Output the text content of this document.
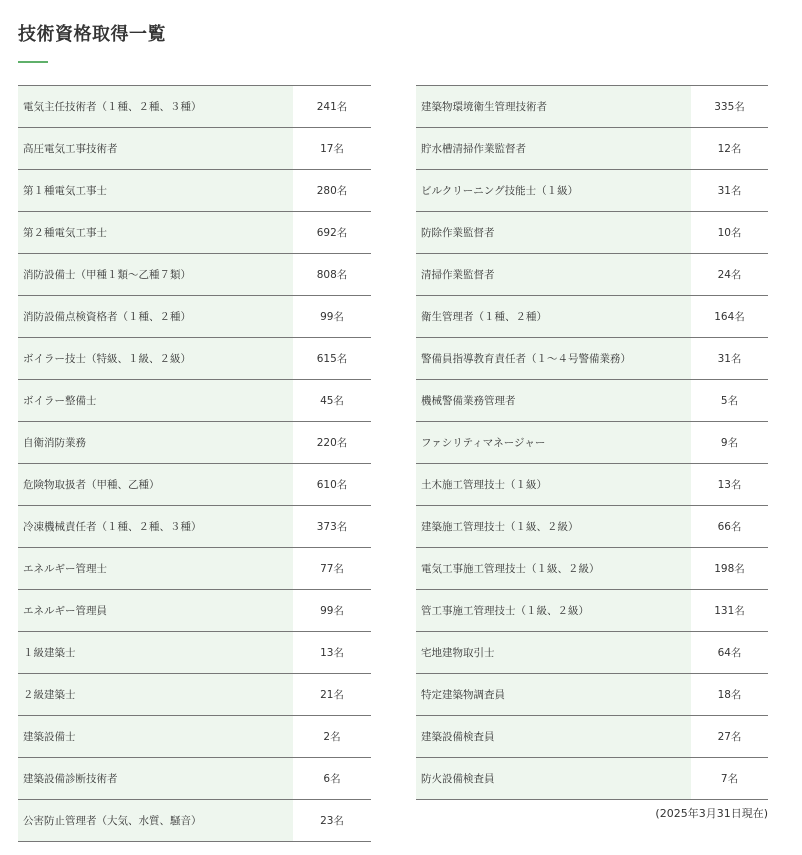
技術資格取得一覧
電気主任技術者（１種、２種、３種）	241名
高圧電気工事技術者	17名
第１種電気工事士	280名
第２種電気工事士	692名
消防設備士（甲種１類〜乙種７類）	808名
消防設備点検資格者（１種、２種）	99名
ボイラー技士（特級、１級、２級）	615名
ボイラー整備士	45名
自衛消防業務	220名
危険物取扱者（甲種、乙種）	610名
冷凍機械責任者（１種、２種、３種）	373名
エネルギー管理士	77名
エネルギー管理員	99名
１級建築士	13名
２級建築士	21名
建築設備士	2名
建築設備診断技術者	6名
公害防止管理者（大気、水質、騒音）	23名
建築物環境衛生管理技術者	335名
貯水槽清掃作業監督者	12名
ビルクリーニング技能士（１級）	31名
防除作業監督者	10名
清掃作業監督者	24名
衛生管理者（１種、２種）	164名
警備員指導教育責任者（１〜４号警備業務）	31名
機械警備業務管理者	5名
ファシリティマネージャー	9名
土木施工管理技士（１級）	13名
建築施工管理技士（１級、２級）	66名
電気工事施工管理技士（１級、２級）	198名
管工事施工管理技士（１級、２級）	131名
宅地建物取引士	64名
特定建築物調査員	18名
建築設備検査員	27名
防火設備検査員	7名
(2025年3月31日現在)
